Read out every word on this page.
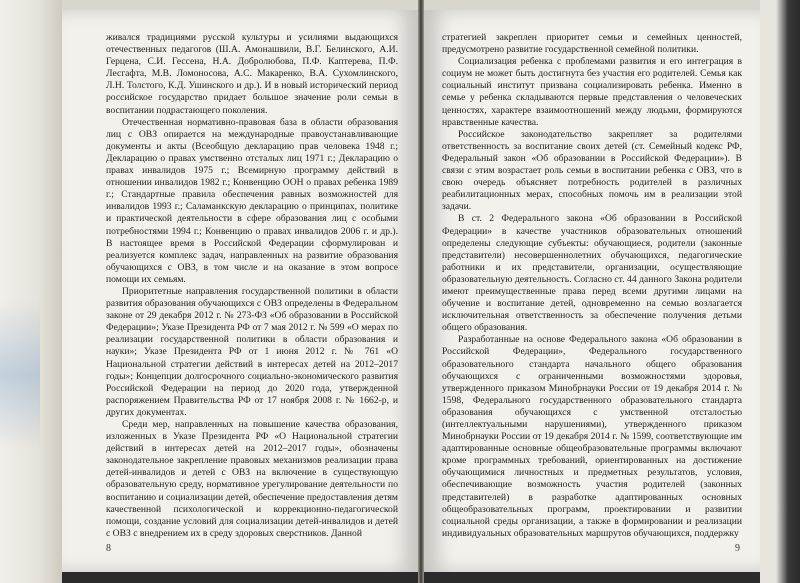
живался традициями русской культуры и усилиями выдающихся отечественных педагогов (Ш.А. Амонашвили, В.Г. Белинского, А.И. Герцена, С.И. Гессена, Н.А. Добролюбова, П.Ф. Каптерева, П.Ф. Лесгафта, М.В. Ломоносова, А.С. Макаренко, В.А. Сухомлинского, Л.Н. Толстого, К.Д. Ушинского и др.). И в новый исторический период российское государство придает большое значение роли семьи в воспитании подрастающего поколения.

Отечественная нормативно-правовая база в области образования лиц с ОВЗ опирается на международные правоустанавливающие документы и акты (Всеобщую декларацию прав человека 1948 г.; Декларацию о правах умственно отсталых лиц 1971 г.; Декларацию о правах инвалидов 1975 г.; Всемирную программу действий в отношении инвалидов 1982 г.; Конвенцию ООН о правах ребенка 1989 г.; Стандартные правила обеспечения равных возможностей для инвалидов 1993 г.; Саламанкскую декларацию о принципах, политике и практической деятельности в сфере образования лиц с особыми потребностями 1994 г.; Конвенцию о правах инвалидов 2006 г. и др.). В настоящее время в Российской Федерации сформулирован и реализуется комплекс задач, направленных на развитие образования обучающихся с ОВЗ, в том числе и на оказание в этом вопросе помощи их семьям.

Приоритетные направления государственной политики в области развития образования обучающихся с ОВЗ определены в Федеральном законе от 29 декабря 2012 г. № 273-ФЗ «Об образовании в Российской Федерации»; Указе Президента РФ от 7 мая 2012 г. № 599 «О мерах по реализации государственной политики в области образования и науки»; Указе Президента РФ от 1 июня 2012 г. № 761 «О Национальной стратегии действий в интересах детей на 2012–2017 годы»; Концепции долгосрочного социально-экономического развития Российской Федерации на период до 2020 года, утвержденной распоряжением Правительства РФ от 17 ноября 2008 г. № 1662-р, и других документах.

Среди мер, направленных на повышение качества образования, изложенных в Указе Президента РФ «О Национальной стратегии действий в интересах детей на 2012–2017 годы», обозначены законодательное закрепление правовых механизмов реализации права детей-инвалидов и детей с ОВЗ на включение в существующую образовательную среду, нормативное урегулирование деятельности по воспитанию и социализации детей, обеспечение предоставления детям качественной психологической и коррекционно-педагогической помощи, создание условий для социализации детей-инвалидов и детей с ОВЗ с внедрением их в среду здоровых сверстников. Данной

8

стратегией закреплен приоритет семьи и семейных ценностей, предусмотрено развитие государственной семейной политики.

Социализация ребенка с проблемами развития и его интеграция в социум не может быть достигнута без участия его родителей. Семья как социальный институт призвана социализировать ребенка. Именно в семье у ребенка складываются первые представления о человеческих ценностях, характере взаимоотношений между людьми, формируются нравственные качества.

Российское законодательство закрепляет за родителями ответственность за воспитание своих детей (ст. Семейный кодекс РФ, Федеральный закон «Об образовании в Российской Федерации»). В связи с этим возрастает роль семьи в воспитании ребенка с ОВЗ, что в свою очередь объясняет потребность родителей в различных реабилитационных мерах, способных помочь им в реализации этой задачи.

В ст. 2 Федерального закона «Об образовании в Российской Федерации» в качестве участников образовательных отношений определены следующие субъекты: обучающиеся, родители (законные представители) несовершеннолетних обучающихся, педагогические работники и их представители, организации, осуществляющие образовательную деятельность. Согласно ст. 44 данного Закона родители имеют преимущественные права перед всеми другими лицами на обучение и воспитание детей, одновременно на семью возлагается исключительная ответственность за обеспечение получения детьми общего образования.

Разработанные на основе Федерального закона «Об образовании в Российской Федерации», Федерального государственного образовательного стандарта начального общего образования обучающихся с ограниченными возможностями здоровья, утвержденного приказом Минобрнауки России от 19 декабря 2014 г. № 1598, Федерального государственного образовательного стандарта образования обучающихся с умственной отсталостью (интеллектуальными нарушениями), утвержденного приказом Минобрнауки России от 19 декабря 2014 г. № 1599, соответствующие им адаптированные основные общеобразовательные программы включают кроме программных требований, ориентированных на достижение обучающимися личностных и предметных результатов, условия, обеспечивающие возможность участия родителей (законных представителей) в разработке адаптированных основных общеобразовательных программ, проектировании и развитии социальной среды организации, а также в формировании и реализации индивидуальных образовательных маршрутов обучающихся, поддержку

9
